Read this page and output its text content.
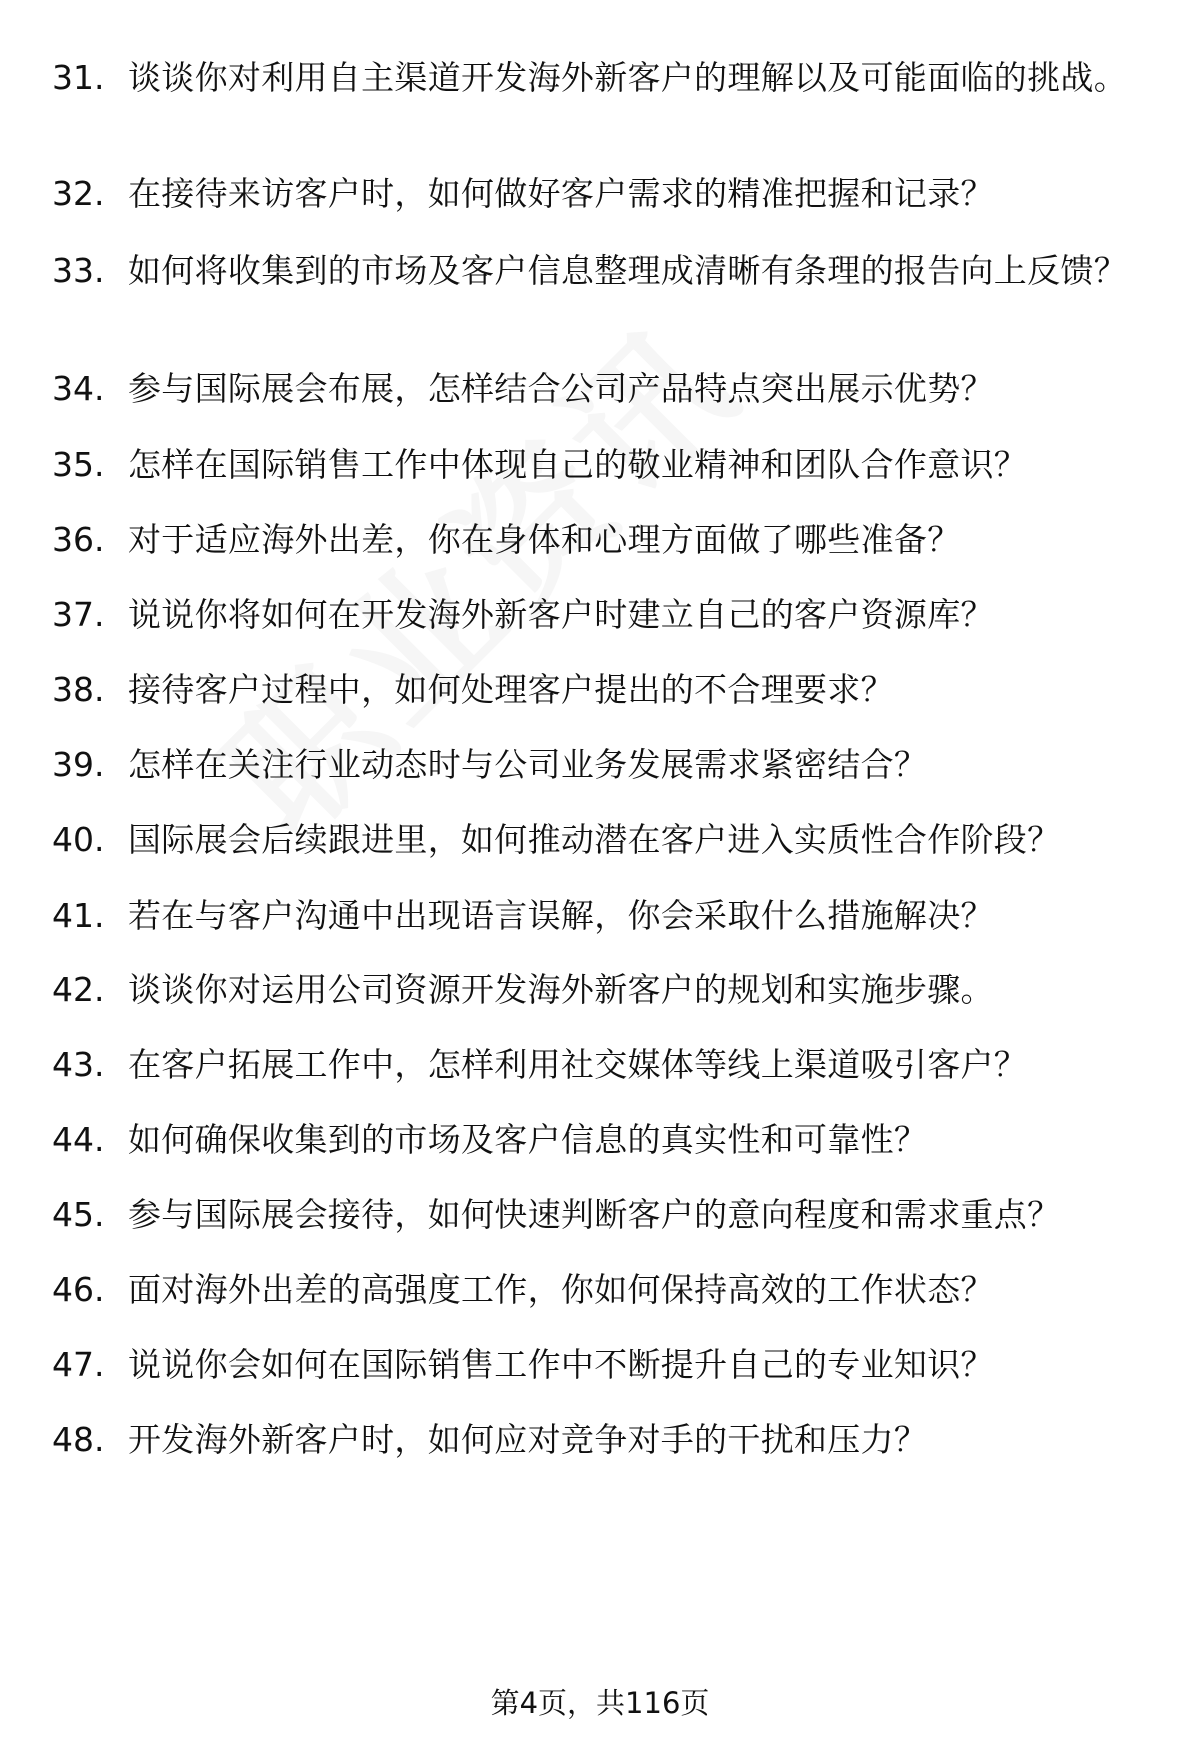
31. 谈谈你对利用自主渠道开发海外新客户的理解以及可能面临的挑战。
32. 在接待来访客户时，如何做好客户需求的精准把握和记录？
33. 如何将收集到的市场及客户信息整理成清晰有条理的报告向上反馈？
34. 参与国际展会布展，怎样结合公司产品特点突出展示优势？
35. 怎样在国际销售工作中体现自己的敬业精神和团队合作意识？
36. 对于适应海外出差，你在身体和心理方面做了哪些准备？
37. 说说你将如何在开发海外新客户时建立自己的客户资源库？
38. 接待客户过程中，如何处理客户提出的不合理要求？
39. 怎样在关注行业动态时与公司业务发展需求紧密结合？
40. 国际展会后续跟进里，如何推动潜在客户进入实质性合作阶段？
41. 若在与客户沟通中出现语言误解，你会采取什么措施解决？
42. 谈谈你对运用公司资源开发海外新客户的规划和实施步骤。
43. 在客户拓展工作中，怎样利用社交媒体等线上渠道吸引客户？
44. 如何确保收集到的市场及客户信息的真实性和可靠性？
45. 参与国际展会接待，如何快速判断客户的意向程度和需求重点？
46. 面对海外出差的高强度工作，你如何保持高效的工作状态？
47. 说说你会如何在国际销售工作中不断提升自己的专业知识？
48. 开发海外新客户时，如何应对竞争对手的干扰和压力？
第4页，共116页
